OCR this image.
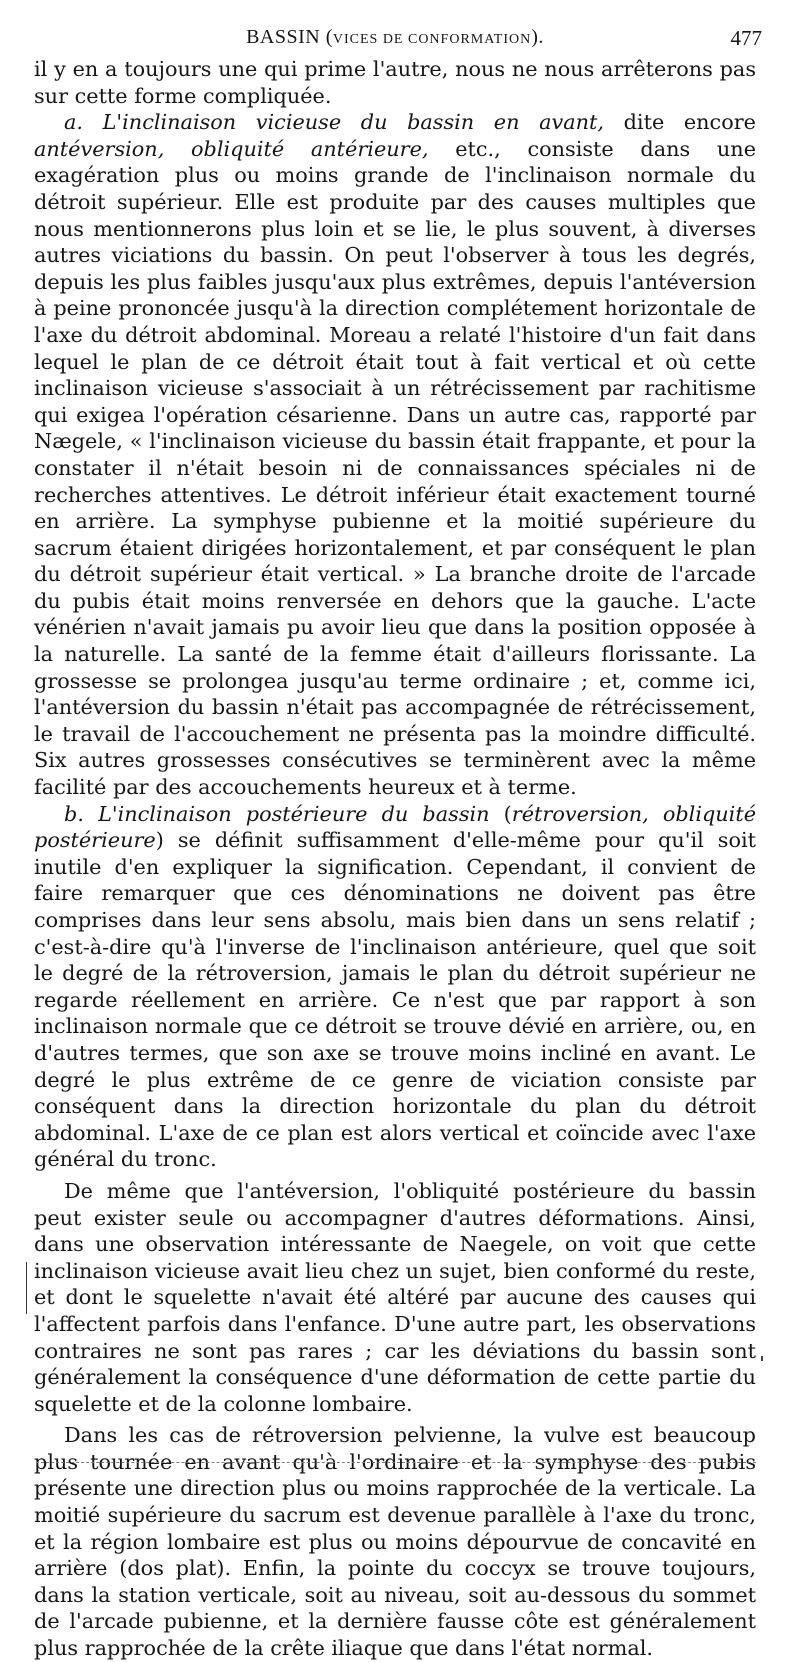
BASSIN (VICES DE CONFORMATION).	477

il y en a toujours une qui prime l'autre, nous ne nous arrêterons pas sur cette forme compliquée.

a. L'inclinaison vicieuse du bassin en avant, dite encore antéversion, obliquité antérieure, etc., consiste dans une exagération plus ou moins grande de l'inclinaison normale du détroit supérieur. Elle est produite par des causes multiples que nous mentionnerons plus loin et se lie, le plus souvent, à diverses autres viciations du bassin. On peut l'observer à tous les degrés, depuis les plus faibles jusqu'aux plus extrêmes, depuis l'antéversion à peine prononcée jusqu'à la direction complétement horizontale de l'axe du détroit abdominal. Moreau a relaté l'histoire d'un fait dans lequel le plan de ce détroit était tout à fait vertical et où cette inclinaison vicieuse s'associait à un rétrécissement par rachitisme qui exigea l'opération césarienne. Dans un autre cas, rapporté par Nægele, « l'inclinaison vicieuse du bassin était frappante, et pour la constater il n'était besoin ni de connaissances spéciales ni de recherches attentives. Le détroit inférieur était exactement tourné en arrière. La symphyse pubienne et la moitié supérieure du sacrum étaient dirigées horizontalement, et par conséquent le plan du détroit supérieur était vertical. » La branche droite de l'arcade du pubis était moins renversée en dehors que la gauche. L'acte vénérien n'avait jamais pu avoir lieu que dans la position opposée à la naturelle. La santé de la femme était d'ailleurs florissante. La grossesse se prolongea jusqu'au terme ordinaire ; et, comme ici, l'antéversion du bassin n'était pas accompagnée de rétrécissement, le travail de l'accouchement ne présenta pas la moindre difficulté. Six autres grossesses consécutives se terminèrent avec la même facilité par des accouchements heureux et à terme.

b. L'inclinaison postérieure du bassin (rétroversion, obliquité postérieure) se définit suffisamment d'elle-même pour qu'il soit inutile d'en expliquer la signification. Cependant, il convient de faire remarquer que ces dénominations ne doivent pas être comprises dans leur sens absolu, mais bien dans un sens relatif ; c'est-à-dire qu'à l'inverse de l'inclinaison antérieure, quel que soit le degré de la rétroversion, jamais le plan du détroit supérieur ne regarde réellement en arrière. Ce n'est que par rapport à son inclinaison normale que ce détroit se trouve dévié en arrière, ou, en d'autres termes, que son axe se trouve moins incliné en avant. Le degré le plus extrême de ce genre de viciation consiste par conséquent dans la direction horizontale du plan du détroit abdominal. L'axe de ce plan est alors vertical et coïncide avec l'axe général du tronc.

De même que l'antéversion, l'obliquité postérieure du bassin peut exister seule ou accompagner d'autres déformations. Ainsi, dans une observation intéressante de Naegele, on voit que cette inclinaison vicieuse avait lieu chez un sujet, bien conformé du reste, et dont le squelette n'avait été altéré par aucune des causes qui l'affectent parfois dans l'enfance. D'une autre part, les observations contraires ne sont pas rares ; car les déviations du bassin sont généralement la conséquence d'une déformation de cette partie du squelette et de la colonne lombaire.

Dans les cas de rétroversion pelvienne, la vulve est beaucoup plus tournée en avant qu'à l'ordinaire et la symphyse des pubis présente une direction plus ou moins rapprochée de la verticale. La moitié supérieure du sacrum est devenue parallèle à l'axe du tronc, et la région lombaire est plus ou moins dépourvue de concavité en arrière (dos plat). Enfin, la pointe du coccyx se trouve toujours, dans la station verticale, soit au niveau, soit au-dessous du sommet de l'arcade pubienne, et la dernière fausse côte est généralement plus rapprochée de la crête iliaque que dans l'état normal.
